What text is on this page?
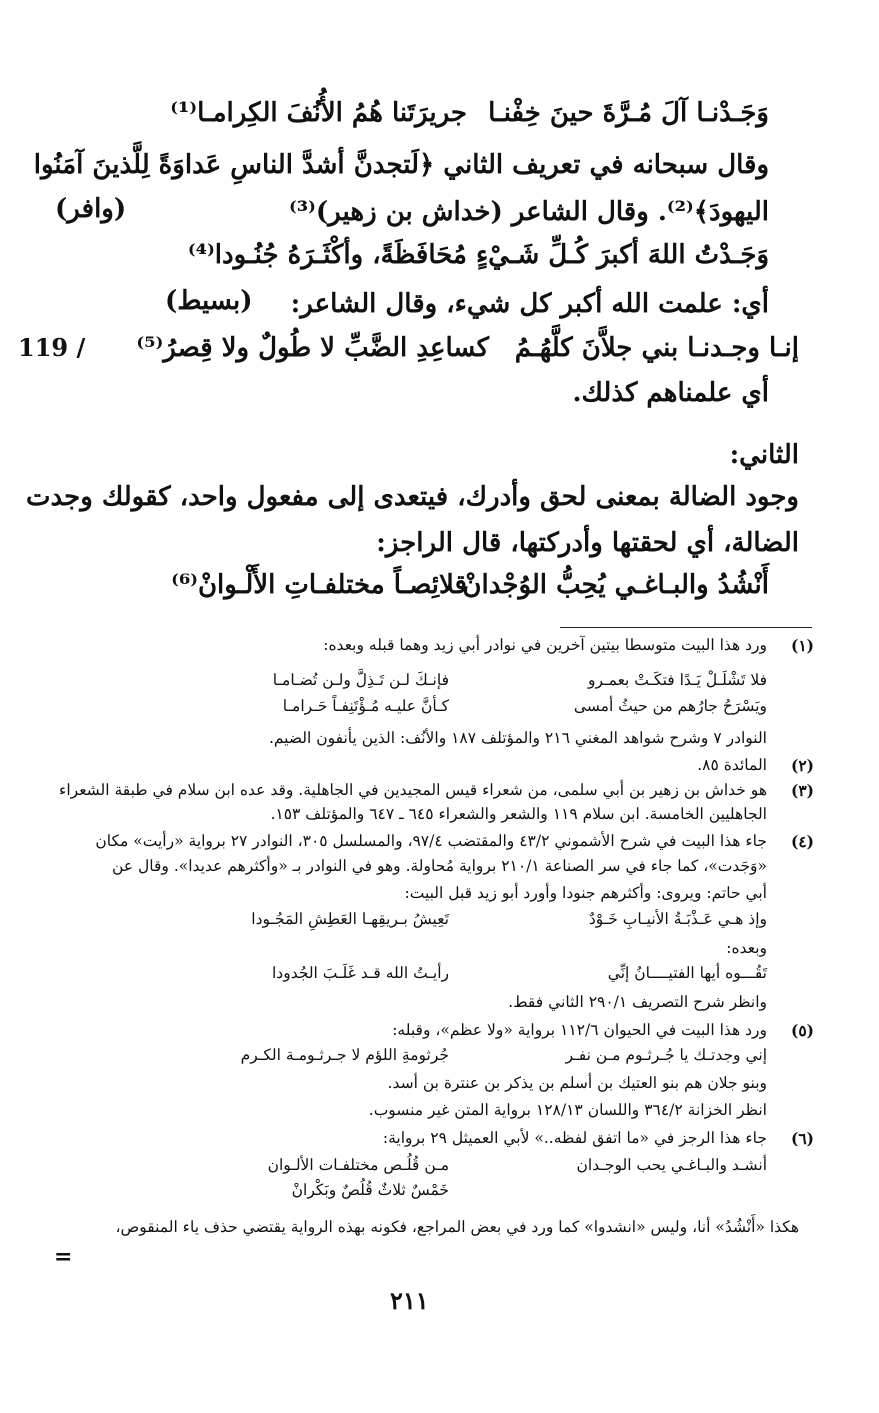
وَجَـدْنـا آلَ مُـرَّةَ حينَ خِفْنـا
جريرَتَنا هُمُ الأُنُفَ الكِرامـا⁽¹⁾
وقال سبحانه في تعريف الثاني ﴿لَتجدنَّ أشدَّ الناسِ عَداوَةً لِلَّذينَ آمَنُوا
اليهودَ﴾⁽²⁾. وقال الشاعر (خداش بن زهير)⁽³⁾
(وافر)
وَجَـدْتُ اللهَ أكبرَ كُـلِّ شَـيْءٍ
مُحَافَظَةً، وأكْثَـرَهُ جُنُـودا⁽⁴⁾
أي: علمت الله أكبر كل شيء، وقال الشاعر:
(بسيط)
إنـا وجـدنـا بني جلاَّنَ كلَّهُـمُ
كساعِدِ الضَّبِّ لا طُولٌ ولا قِصرُ⁽⁵⁾
119 /
أي علمناهم كذلك.
الثاني:
وجود الضالة بمعنى لحق وأدرك، فيتعدى إلى مفعول واحد، كقولك وجدت
الضالة، أي لحقتها وأدركتها، قال الراجز:
أَنْشُدُ والبـاغـي يُحِبُّ الوُجْدانْ
قلائِصـاً مختلفـاتِ الأَلْـوانْ⁽⁶⁾
(١)
ورد هذا البيت متوسطا بيتين آخرين في نوادر أبي زيد وهما قبله وبعده:
فلا تَشْلَـلْ يَـدًا فتكَـتْ بعمـرو
فإنـكَ لـن تَـذِلَّ ولـن تُضـامـا
ويَسْرَحُ جارُهم من حيثُ أمسى
كـأنَّ عليـه مُـؤْتَنِفـاً حَـرامـا
النوادر ٧ وشرح شواهد المغني ٢١٦ والمؤتلف ١٨٧ والأنُف: الذين يأنفون الضيم.
(٢)
المائدة ٨٥.
(٣)
هو خداش بن زهير بن أبي سلمى، من شعراء قيس المجيدين في الجاهلية. وقد عده ابن سلام في طبقة الشعراء
الجاهليين الخامسة. ابن سلام ١١٩ والشعر والشعراء ٦٤٥ ـ ٦٤٧ والمؤتلف ١٥٣.
(٤)
جاء هذا البيت في شرح الأشموني ٤٣/٢ والمقتضب ٩٧/٤، والمسلسل ٣٠٥، النوادر ٢٧ برواية «رأيت» مكان
«وَجَدت»، كما جاء في سر الصناعة ٢١٠/١ برواية مُحاولة. وهو في النوادر بـ «وأكثرهم عديدا». وقال عن
أبي حاتم: ويروى: وأكثرهم جنودا وأورد أبو زيد قبل البيت:
وإذ هـي عَـذْبَـةُ الأنيـابِ خَـوْدٌ
تَعِيشُ بـريقِهـا العَطِشِ المَجُـودا
وبعده:
تَقُـــوه أيها الفتيــــانُ إنِّي
رأيـتُ الله قـد غَلَـبَ الجُدودا
وانظر شرح التصريف ٢٩٠/١ الثاني فقط.
(٥)
ورد هذا البيت في الحيوان ١١٢/٦ برواية «ولا عظم»، وقبله:
إني وجدتـك يا جُـرثـوم مـن نفـر
جُرثومةِ اللؤم لا جـرثـومـة الكـرم
وبنو جلان هم بنو العتيك بن أسلم بن يذكر بن عنترة بن أسد.
انظر الخزانة ٣٦٤/٢ واللسان ١٢٨/١٣ برواية المتن غير منسوب.
(٦)
جاء هذا الرجز في «ما اتفق لفظه..» لأبي العميثل ٢٩ برواية:
أنشـد والبـاغـي يحب الوجـدان
مـن قُلُـص مختلفـات الألـوان
خَمْسٌ ثلاثٌ قُلُصٌ وبَكْرانْ
هكذا «أَنْشُدُ» أنا، وليس «انشدوا» كما ورد في بعض المراجع، فكونه بهذه الرواية يقتضي حذف ياء المنقوص،
=
٢١١
